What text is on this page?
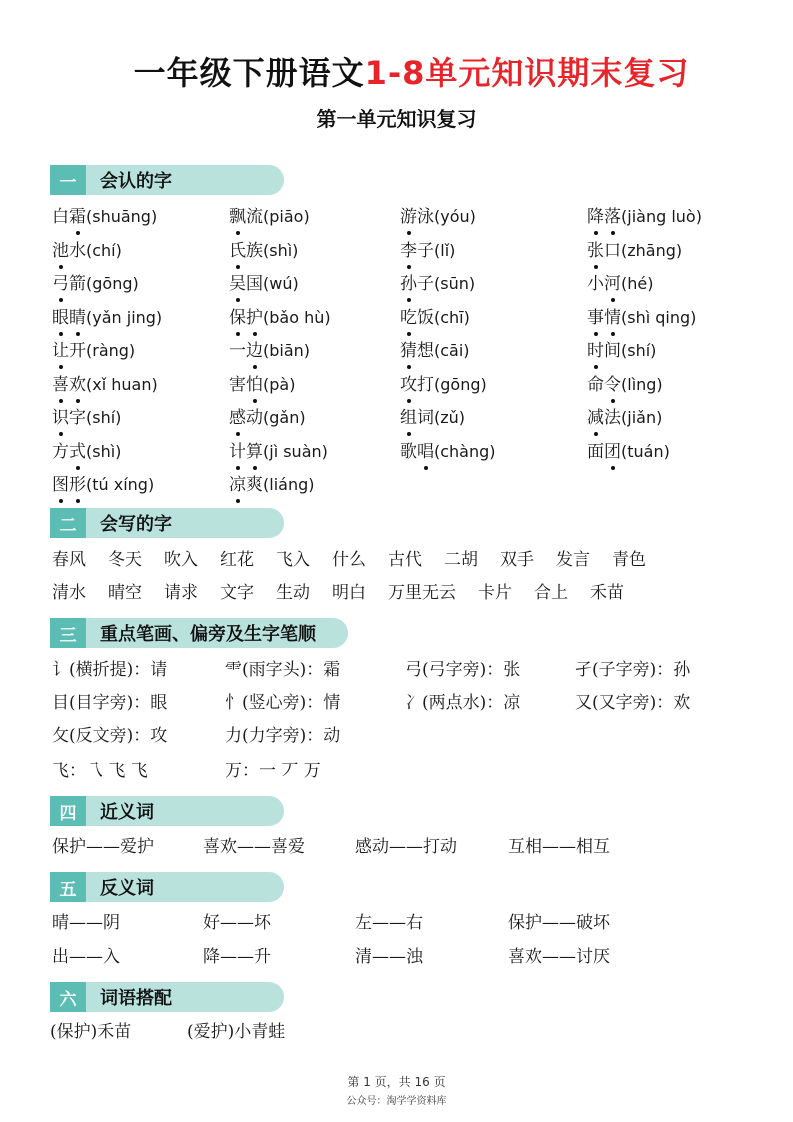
一年级下册语文1-8单元知识期末复习
第一单元知识复习
一	会认的字
白霜(shuāng)	飘流(piāo)	游泳(yóu)	降落(jiàng luò)
池水(chí)	氏族(shì)	李子(lǐ)	张口(zhāng)
弓箭(gōng)	吴国(wú)	孙子(sūn)	小河(hé)
眼睛(yǎn jing)	保护(bǎo hù)	吃饭(chī)	事情(shì qing)
让开(ràng)	一边(biān)	猜想(cāi)	时间(shí)
喜欢(xǐ huan)	害怕(pà)	攻打(gōng)	命令(lìng)
识字(shí)	感动(gǎn)	组词(zǔ)	减法(jiǎn)
方式(shì)	计算(jì suàn)	歌唱(chàng)	面团(tuán)
图形(tú xíng)	凉爽(liáng)
二	会写的字
春风 冬天 吹入 红花 飞入 什么 古代 二胡 双手 发言 青色
清水 晴空 请求 文字 生动 明白 万里无云 卡片 合上 禾苗
三	重点笔画、偏旁及生字笔顺
讠(横折提)：请	⻗(雨字头)：霜	弓(弓字旁)：张	孑(子字旁)：孙
目(目字旁)：眼	忄(竖心旁)：情	冫(两点水)：凉	又(又字旁)：欢
攵(反文旁)：攻	力(力字旁)：动
飞：乁 飞 飞	万：一 丆 万
四	近义词
保护——爱护	喜欢——喜爱	感动——打动	互相——相互
五	反义词
晴——阴	好——坏	左——右	保护——破坏
出——入	降——升	清——浊	喜欢——讨厌
六	词语搭配
(保护)禾苗	(爱护)小青蛙
第 1 页，共 16 页
公众号：淘学学资料库
